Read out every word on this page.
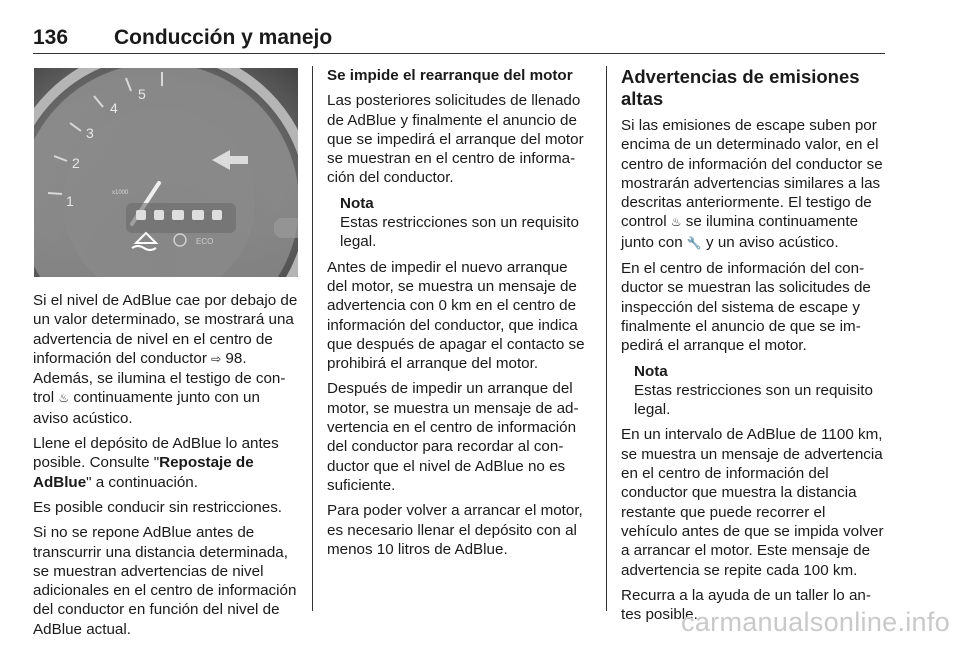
136 Conducción y manejo
1
2
3
4
5
x1000
ECO

Si el nivel de AdBlue cae por debajo de un valor determinado, se mostrará una advertencia de nivel en el centro de información del conductor ⇨ 98. Además, se ilumina el testigo de control ♨ continuamente junto con un aviso acústico.

Llene el depósito de AdBlue lo antes posible. Consulte "Repostaje de AdBlue" a continuación.

Es posible conducir sin restricciones.

Si no se repone AdBlue antes de transcurrir una distancia determinada, se muestran advertencias de nivel adicionales en el centro de información del conductor en función del nivel de AdBlue actual.

Se impide el rearranque del motor

Las posteriores solicitudes de llenado de AdBlue y finalmente el anuncio de que se impedirá el arranque del motor se muestran en el centro de información del conductor.

Nota
Estas restricciones son un requisito legal.

Antes de impedir el nuevo arranque del motor, se muestra un mensaje de advertencia con 0 km en el centro de información del conductor, que indica que después de apagar el contacto se prohibirá el arranque del motor.

Después de impedir un arranque del motor, se muestra un mensaje de advertencia en el centro de información del conductor para recordar al conductor que el nivel de AdBlue no es suficiente.

Para poder volver a arrancar el motor, es necesario llenar el depósito con al menos 10 litros de AdBlue.

Advertencias de emisiones altas

Si las emisiones de escape suben por encima de un determinado valor, en el centro de información del conductor se mostrarán advertencias similares a las descritas anteriormente. El testigo de control ♨ se ilumina continuamente junto con 🔧 y un aviso acústico.

En el centro de información del conductor se muestran las solicitudes de inspección del sistema de escape y finalmente el anuncio de que se impedirá el arranque el motor.

Nota
Estas restricciones son un requisito legal.

En un intervalo de AdBlue de 1100 km, se muestra un mensaje de advertencia en el centro de información del conductor que muestra la distancia restante que puede recorrer el vehículo antes de que se impida volver a arrancar el motor. Este mensaje de advertencia se repite cada 100 km.

Recurra a la ayuda de un taller lo antes posible.

carmanualsonline.info
